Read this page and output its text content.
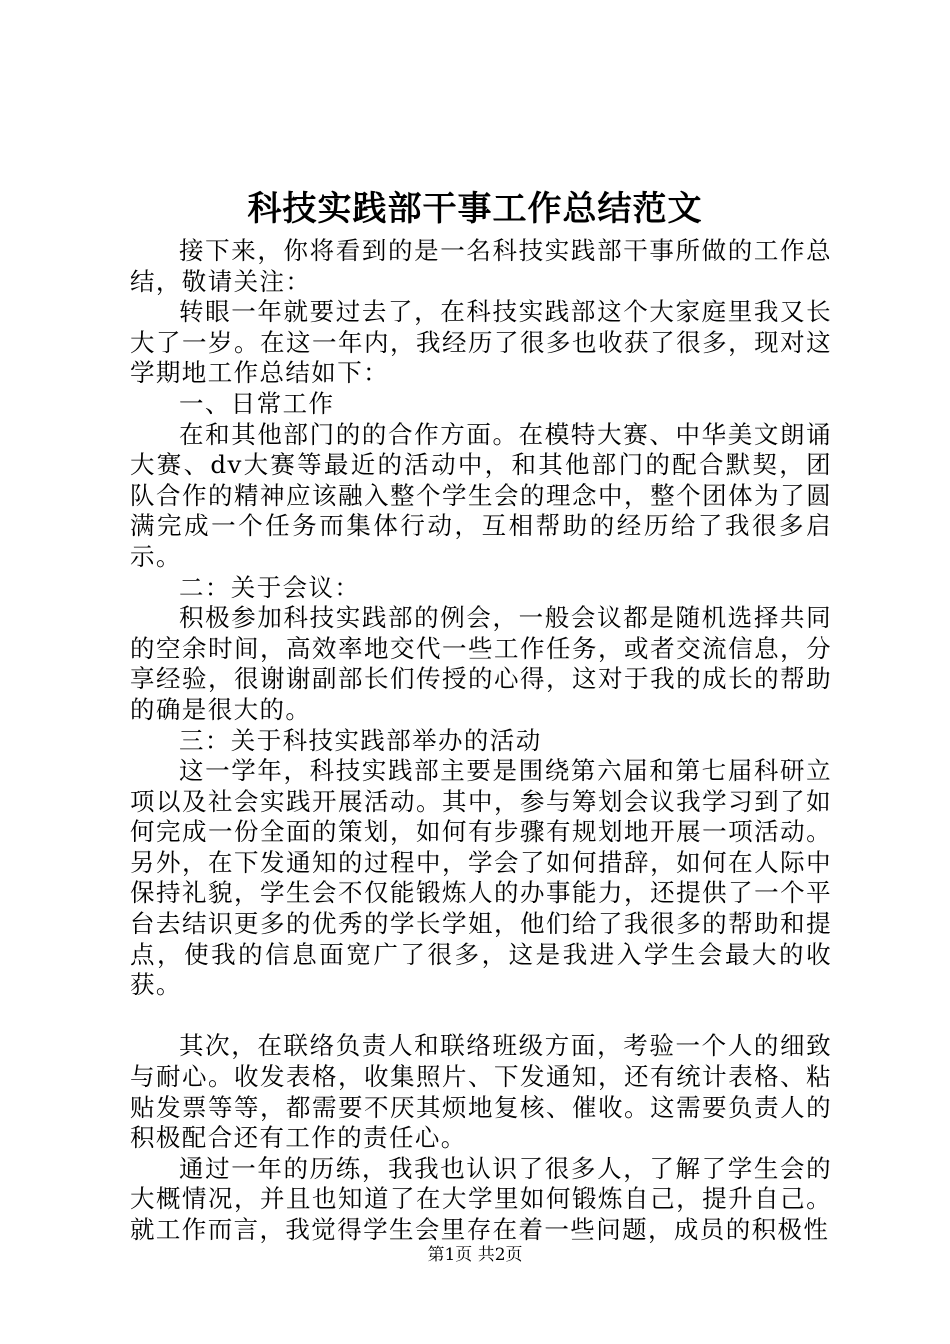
科技实践部干事工作总结范文

接下来，你将看到的是一名科技实践部干事所做的工作总结，敬请关注：

转眼一年就要过去了，在科技实践部这个大家庭里我又长大了一岁。在这一年内，我经历了很多也收获了很多，现对这学期地工作总结如下：

一、日常工作

在和其他部门的的合作方面。在模特大赛、中华美文朗诵大赛、dv大赛等最近的活动中，和其他部门的配合默契，团队合作的精神应该融入整个学生会的理念中，整个团体为了圆满完成一个任务而集体行动，互相帮助的经历给了我很多启示。

二：关于会议：

积极参加科技实践部的例会，一般会议都是随机选择共同的空余时间，高效率地交代一些工作任务，或者交流信息，分享经验，很谢谢副部长们传授的心得，这对于我的成长的帮助的确是很大的。

三：关于科技实践部举办的活动

这一学年，科技实践部主要是围绕第六届和第七届科研立项以及社会实践开展活动。其中，参与筹划会议我学习到了如何完成一份全面的策划，如何有步骤有规划地开展一项活动。另外，在下发通知的过程中，学会了如何措辞，如何在人际中保持礼貌，学生会不仅能锻炼人的办事能力，还提供了一个平台去结识更多的优秀的学长学姐，他们给了我很多的帮助和提点，使我的信息面宽广了很多，这是我进入学生会最大的收获。

其次，在联络负责人和联络班级方面，考验一个人的细致与耐心。收发表格，收集照片、下发通知，还有统计表格、粘贴发票等等，都需要不厌其烦地复核、催收。这需要负责人的积极配合还有工作的责任心。

通过一年的历练，我我也认识了很多人，了解了学生会的大概情况，并且也知道了在大学里如何锻炼自己，提升自己。就工作而言，我觉得学生会里存在着一些问题，成员的积极性

第1页 共2页
